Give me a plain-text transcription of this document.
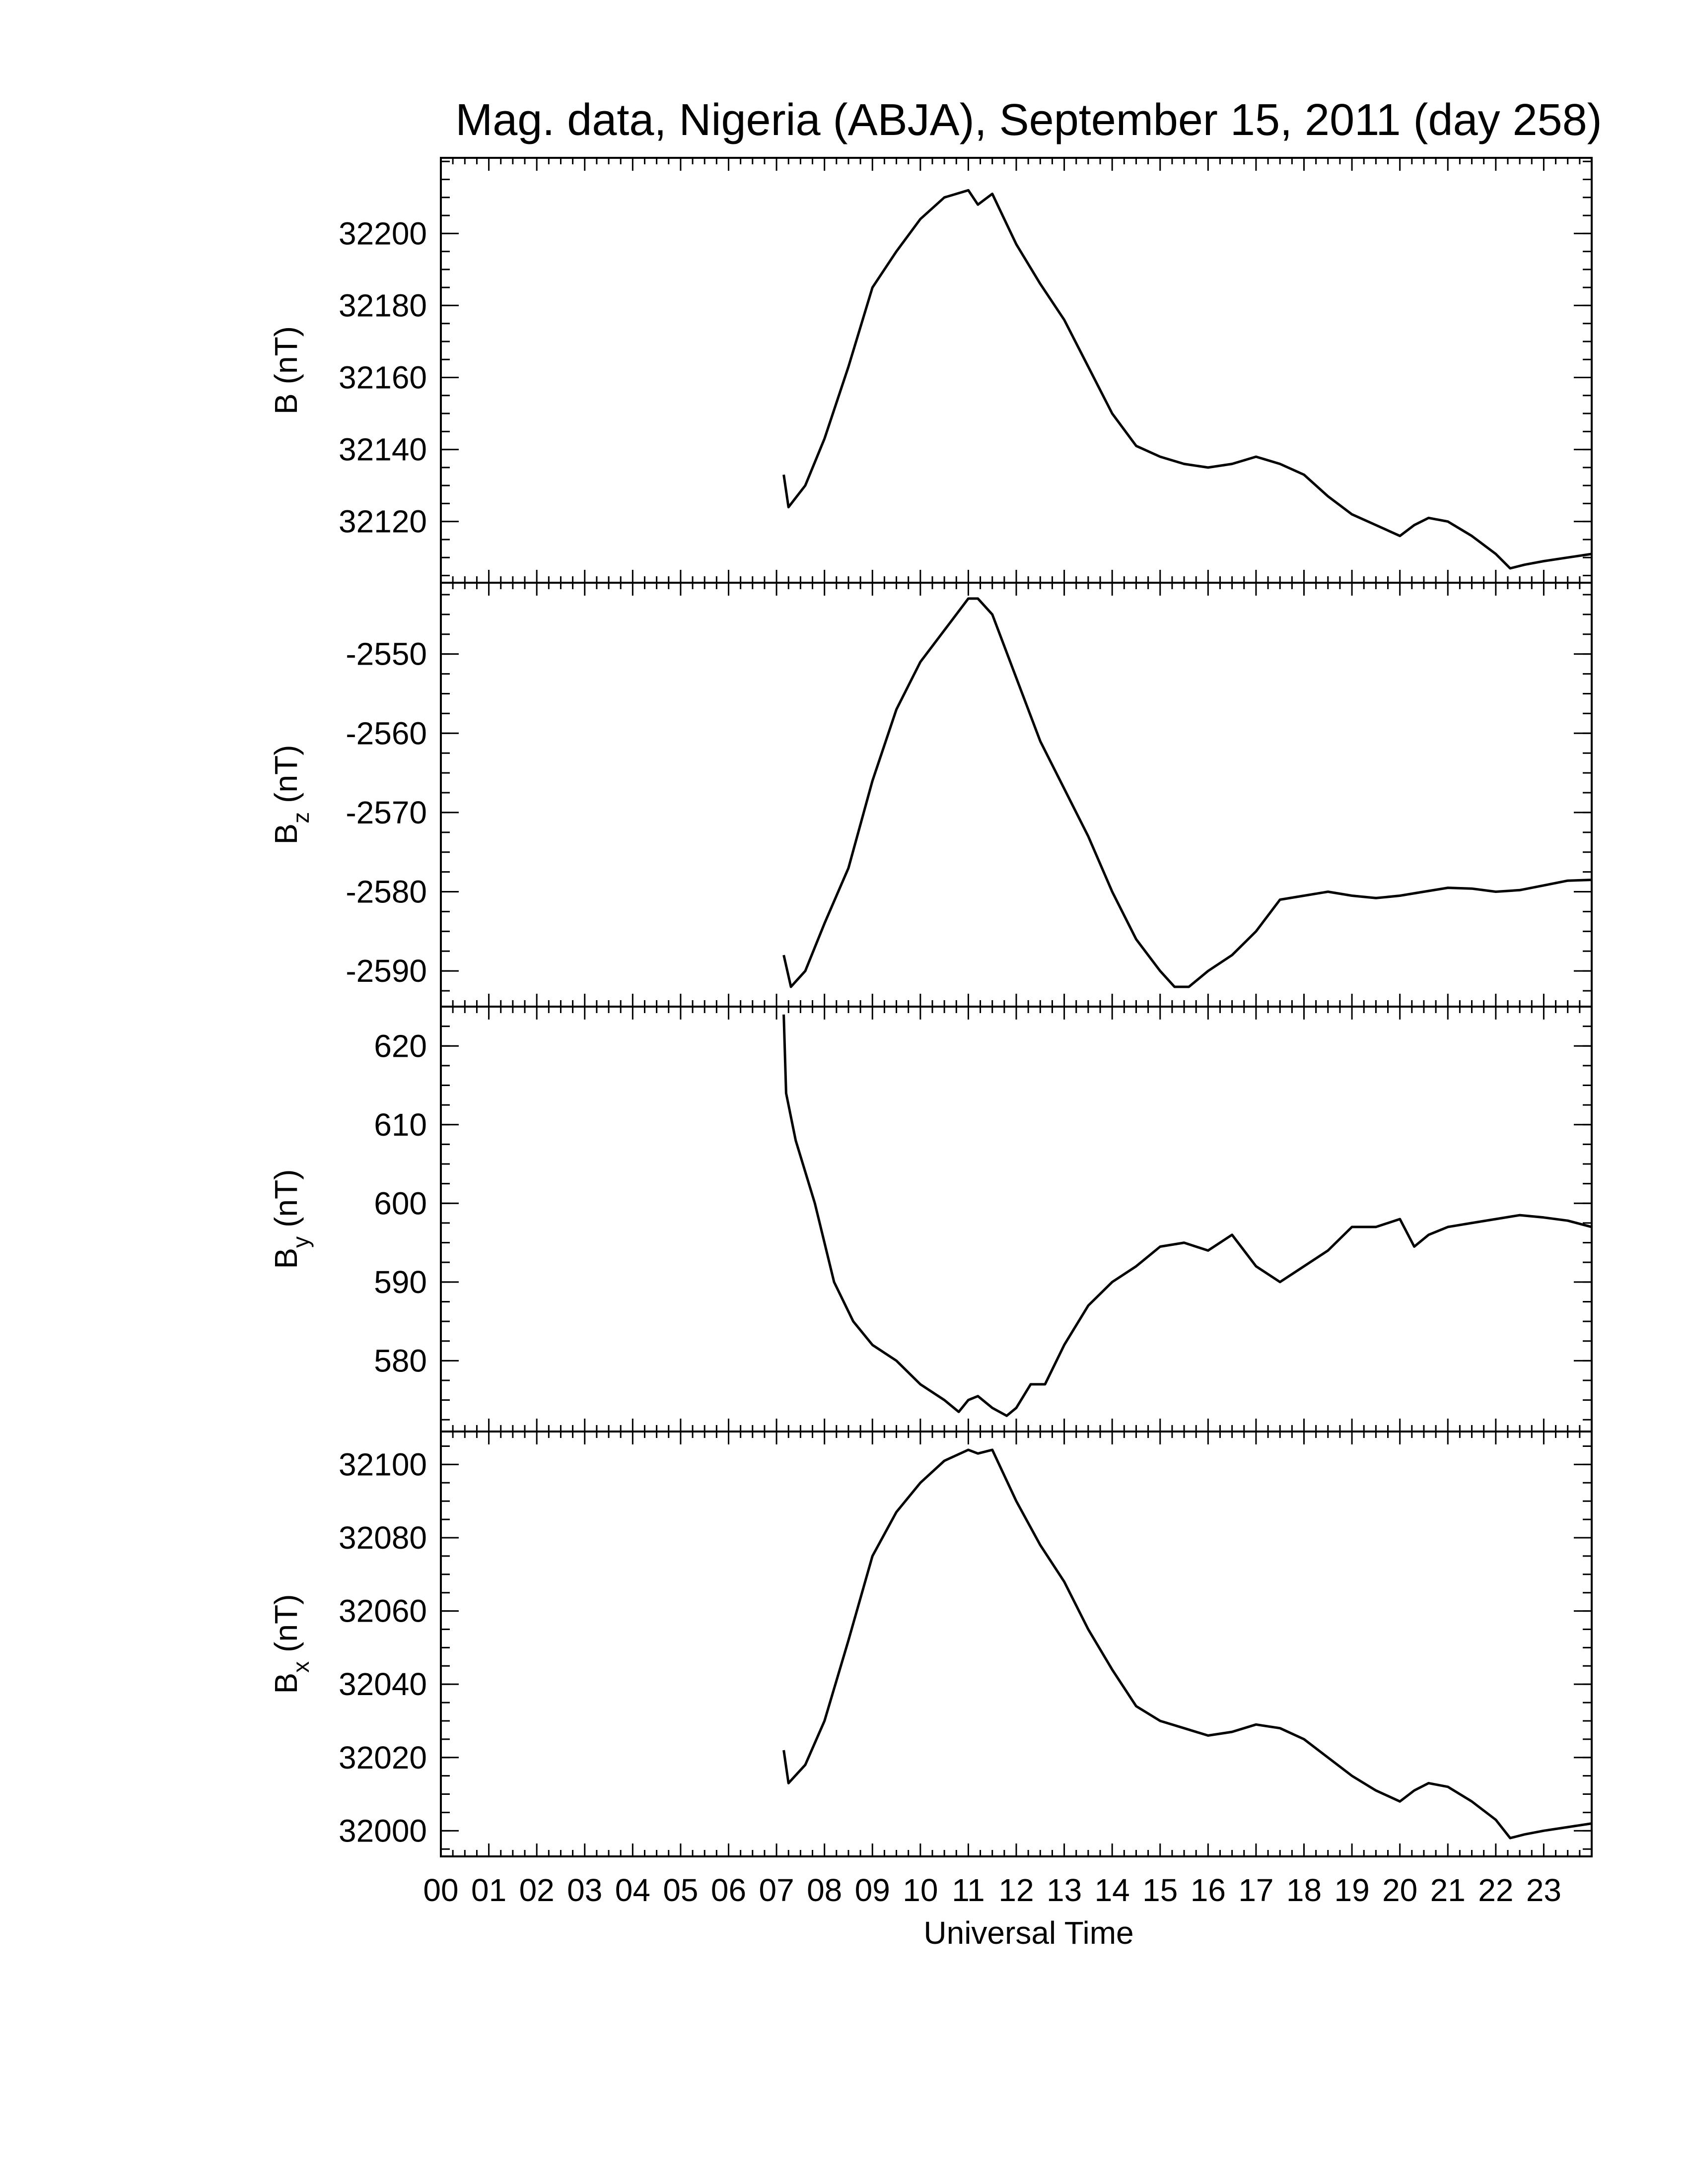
Mag. data, Nigeria (ABJA), September 15, 2011 (day 258)
32120
32140
32160
32180
32200
B(nT)
-2590
-2580
-2570
-2560
-2550
$B_z(nT)$
580
590
600
610
620
$B_y(nT)$
32000
32020
32040
32060
32080
32100
$B_x(nT)$
00 01 02 03 04 05 06 07 08 09 10 11 12 13 14 15 16 17 18 19 20 21 22 23
Universal Time
